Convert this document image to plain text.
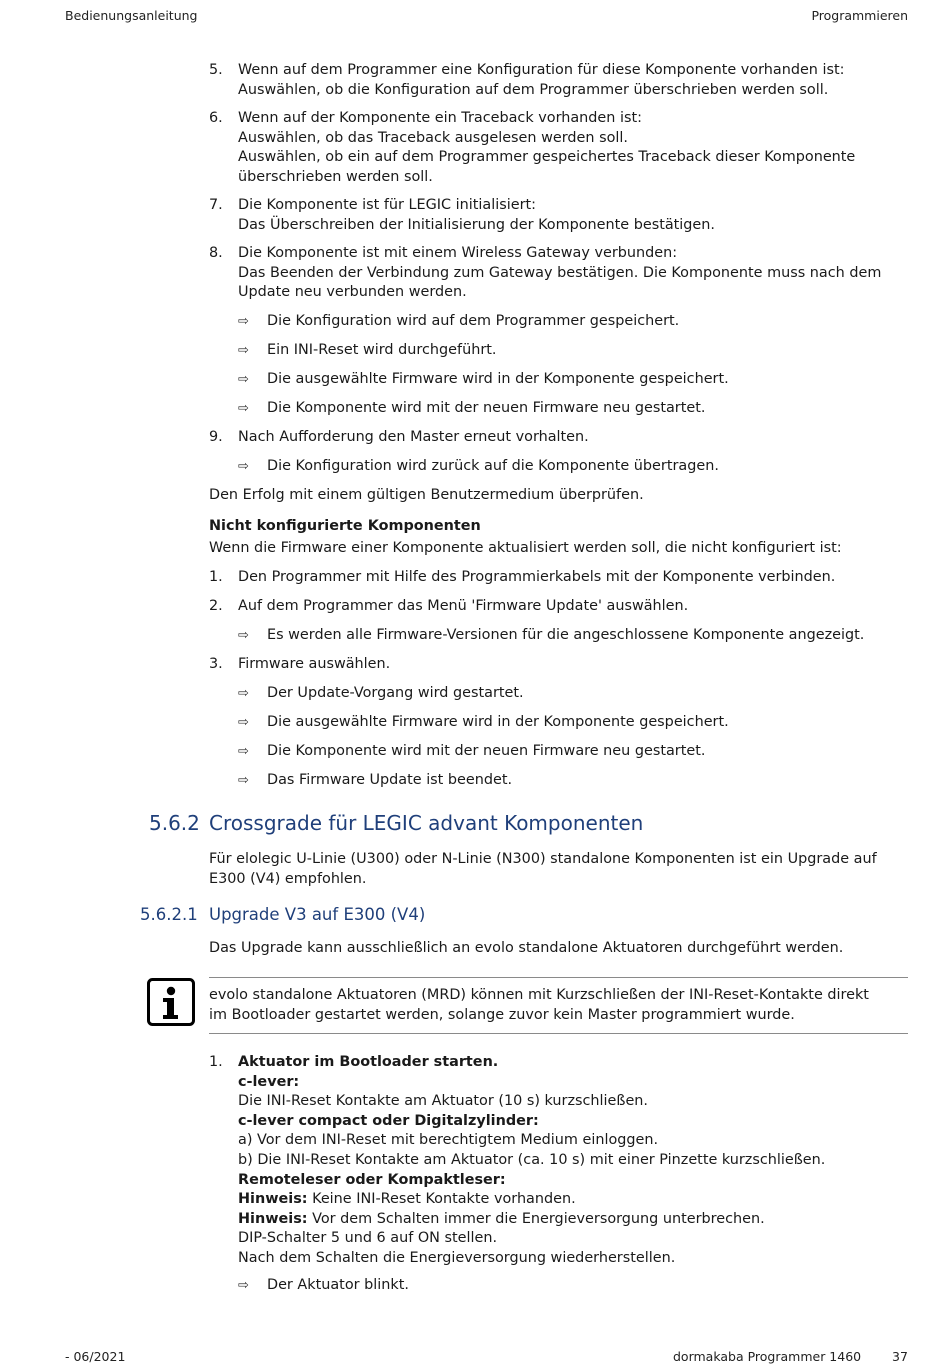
Bedienungsanleitung	Programmieren
5.	Wenn auf dem Programmer eine Konfiguration für diese Komponente vorhanden ist:
Auswählen, ob die Konfiguration auf dem Programmer überschrieben werden soll.
6.	Wenn auf der Komponente ein Traceback vorhanden ist:
Auswählen, ob das Traceback ausgelesen werden soll.
Auswählen, ob ein auf dem Programmer gespeichertes Traceback dieser Komponente
überschrieben werden soll.
7.	Die Komponente ist für LEGIC initialisiert:
Das Überschreiben der Initialisierung der Komponente bestätigen.
8.	Die Komponente ist mit einem Wireless Gateway verbunden:
Das Beenden der Verbindung zum Gateway bestätigen. Die Komponente muss nach dem
Update neu verbunden werden.
⇨ Die Konfiguration wird auf dem Programmer gespeichert.
⇨ Ein INI-Reset wird durchgeführt.
⇨ Die ausgewählte Firmware wird in der Komponente gespeichert.
⇨ Die Komponente wird mit der neuen Firmware neu gestartet.
9.	Nach Aufforderung den Master erneut vorhalten.
⇨ Die Konfiguration wird zurück auf die Komponente übertragen.
Den Erfolg mit einem gültigen Benutzermedium überprüfen.
Nicht konfigurierte Komponenten
Wenn die Firmware einer Komponente aktualisiert werden soll, die nicht konfiguriert ist:
1.	Den Programmer mit Hilfe des Programmierkabels mit der Komponente verbinden.
2.	Auf dem Programmer das Menü 'Firmware Update' auswählen.
⇨ Es werden alle Firmware-Versionen für die angeschlossene Komponente angezeigt.
3.	Firmware auswählen.
⇨ Der Update-Vorgang wird gestartet.
⇨ Die ausgewählte Firmware wird in der Komponente gespeichert.
⇨ Die Komponente wird mit der neuen Firmware neu gestartet.
⇨ Das Firmware Update ist beendet.
5.6.2 Crossgrade für LEGIC advant Komponenten
Für elolegic U-Linie (U300) oder N-Linie (N300) standalone Komponenten ist ein Upgrade auf
E300 (V4) empfohlen.
5.6.2.1 Upgrade V3 auf E300 (V4)
Das Upgrade kann ausschließlich an evolo standalone Aktuatoren durchgeführt werden.
evolo standalone Aktuatoren (MRD) können mit Kurzschließen der INI-Reset-Kontakte direkt
im Bootloader gestartet werden, solange zuvor kein Master programmiert wurde.
1.	Aktuator im Bootloader starten.
c-lever:
Die INI-Reset Kontakte am Aktuator (10 s) kurzschließen.
c-lever compact oder Digitalzylinder:
a) Vor dem INI-Reset mit berechtigtem Medium einloggen.
b) Die INI-Reset Kontakte am Aktuator (ca. 10 s) mit einer Pinzette kurzschließen.
Remoteleser oder Kompaktleser:
Hinweis: Keine INI-Reset Kontakte vorhanden.
Hinweis: Vor dem Schalten immer die Energieversorgung unterbrechen.
DIP-Schalter 5 und 6 auf ON stellen.
Nach dem Schalten die Energieversorgung wiederherstellen.
⇨ Der Aktuator blinkt.
- 06/2021	dormakaba Programmer 1460 37
